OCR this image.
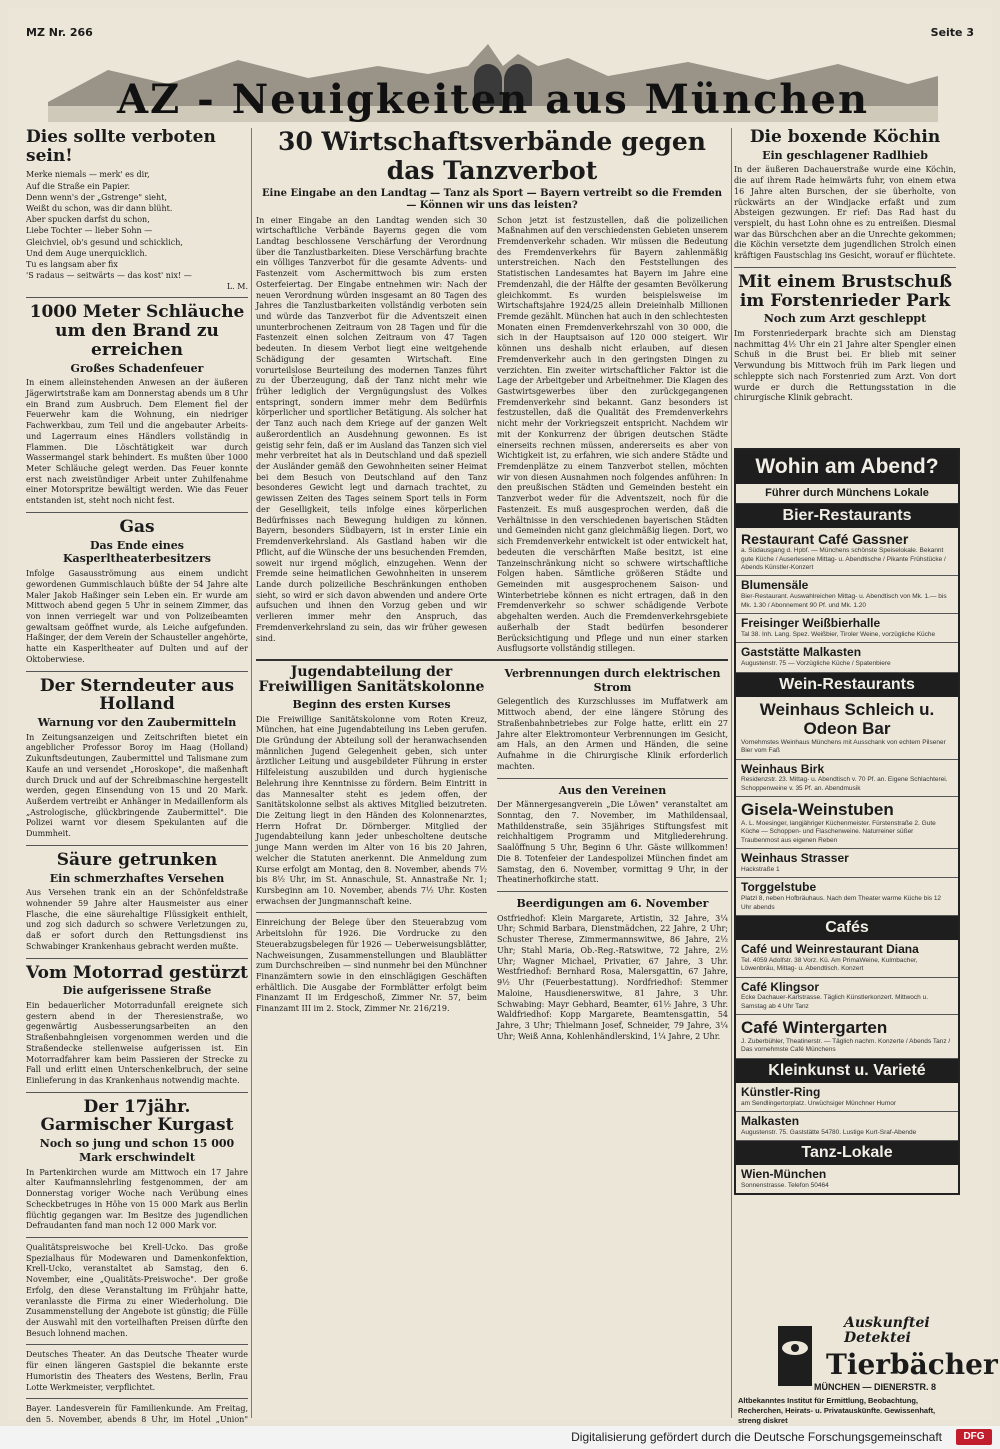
MZ Nr. 266	Seite 3
AZ - Neuigkeiten aus München
Dies sollte verboten sein!
Merke niemals — merk' es dir,
Auf die Straße ein Papier.
Denn wenn's der „Gstrenge" sieht,
Weißt du schon, was dir dann blüht.
Aber spucken darfst du schon,
Liebe Tochter — lieber Sohn —
Gleichviel, ob's gesund und schicklich,
Und dem Auge unerquicklich.
Tu es langsam aber fix
'S radaus — seitwärts — das kost' nix! —
L. M.
1000 Meter Schläuche um den Brand zu erreichen
Großes Schadenfeuer

In einem alleinstehenden Anwesen an der äußeren Jägerwirtstraße kam am Donnerstag abends um 8 Uhr ein Brand zum Ausbruch. Dem Element fiel der Feuerwehr kam die Wohnung, ein niedriger Fachwerkbau, zum Teil und die angebauter Arbeits- und Lagerraum eines Händlers vollständig in Flammen. Die Löschtätigkeit war durch Wassermangel stark behindert. Es mußten über 1000 Meter Schläuche gelegt werden. Das Feuer konnte erst nach zweistündiger Arbeit unter Zuhilfenahme einer Motorspritze bewältigt werden. Wie das Feuer entstanden ist, steht noch nicht fest.

Gas
Das Ende eines Kasperltheaterbesitzers

Infolge Gasausströmung aus einem undicht gewordenen Gummischlauch büßte der 54 Jahre alte Maler Jakob Haßinger sein Leben ein. Er wurde am Mittwoch abend gegen 5 Uhr in seinem Zimmer, das von innen verriegelt war und von Polizeibeamten gewaltsam geöffnet wurde, als Leiche aufgefunden. Haßinger, der dem Verein der Schausteller angehörte, hatte ein Kasperltheater auf Dulten und auf der Oktoberwiese.

Der Sterndeuter aus Holland
Warnung vor den Zaubermitteln

In Zeitungsanzeigen und Zeitschriften bietet ein angeblicher Professor Boroy im Haag (Holland) Zukunftsdeutungen, Zaubermittel und Talismane zum Kaufe an und versendet „Horoskope", die maßenhaft durch Druck und auf der Schreibmaschine hergestellt werden, gegen Einsendung von 15 und 20 Mark. Außerdem vertreibt er Anhänger in Medaillenform als „Astrologische, glückbringende Zaubermittel". Die Polizei warnt vor diesem Spekulanten auf die Dummheit.

Säure getrunken
Ein schmerzhaftes Versehen

Aus Versehen trank ein an der Schönfeldstraße wohnender 59 Jahre alter Hausmeister aus einer Flasche, die eine säurehaltige Flüssigkeit enthielt, und zog sich dadurch so schwere Verletzungen zu, daß er sofort durch den Rettungsdienst ins Schwabinger Krankenhaus gebracht werden mußte.

Vom Motorrad gestürzt
Die aufgerissene Straße

Ein bedauerlicher Motorradunfall ereignete sich gestern abend in der Theresienstraße, wo gegenwärtig Ausbesserungsarbeiten an den Straßenbahngleisen vorgenommen werden und die Straßendecke stellenweise aufgerissen ist. Ein Motorradfahrer kam beim Passieren der Strecke zu Fall und erlitt einen Unterschenkelbruch, der seine Einlieferung in das Krankenhaus notwendig machte.

Der 17jähr. Garmischer Kurgast
Noch so jung und schon 15 000 Mark erschwindelt

In Partenkirchen wurde am Mittwoch ein 17 Jahre alter Kaufmannslehrling festgenommen, der am Donnerstag voriger Woche nach Verübung eines Scheckbetruges in Höhe von 15 000 Mark aus Berlin flüchtig gegangen war. Im Besitze des jugendlichen Defraudanten fand man noch 12 000 Mark vor.

Qualitätspreiswoche bei Krell-Ucko. Das große Spezialhaus für Modewaren und Damenkonfektion, Krell-Ucko, veranstaltet ab Samstag, den 6. November, eine „Qualitäts-Preiswoche". Der große Erfolg, den diese Veranstaltung im Frühjahr hatte, veranlasste die Firma zu einer Wiederholung. Die Zusammenstellung der Angebote ist günstig; die Fülle der Auswahl mit den vorteilhaften Preisen dürfte den Besuch lohnend machen.

Deutsches Theater. An das Deutsche Theater wurde für einen längeren Gastspiel die bekannte erste Humoristin des Theaters des Westens, Berlin, Frau Lotte Werkmeister, verpflichtet.

Bayer. Landesverein für Familienkunde. Am Freitag, den 5. November, abends 8 Uhr, im Hotel „Union"

30 Wirtschaftsverbände gegen das Tanzverbot
Eine Eingabe an den Landtag — Tanz als Sport — Bayern vertreibt so die Fremden — Können wir uns das leisten?

In einer Eingabe an den Landtag wenden sich 30 wirtschaftliche Verbände Bayerns gegen die vom Landtag beschlossene Verschärfung der Verordnung über die Tanzlustbarkeiten. Diese Verschärfung brachte ein völliges Tanzverbot für die gesamte Advents- und Fastenzeit vom Aschermittwoch bis zum ersten Osterfeiertag. Der Eingabe entnehmen wir: Nach der neuen Verordnung würden insgesamt an 80 Tagen des Jahres die Tanzlustbarkeiten vollständig verboten sein und würde das Tanzverbot für die Adventszeit einen ununterbrochenen Zeitraum von 28 Tagen und für die Fastenzeit einen solchen Zeitraum von 47 Tagen bedeuten. In diesem Verbot liegt eine weitgehende Schädigung der gesamten Wirtschaft. Eine vorurteilslose Beurteilung des modernen Tanzes führt zu der Überzeugung, daß der Tanz nicht mehr wie früher lediglich der Vergnügungslust des Volkes entspringt, sondern immer mehr dem Bedürfnis körperlicher und sportlicher Betätigung. Als solcher hat der Tanz auch nach dem Kriege auf der ganzen Welt außerordentlich an Ausdehnung gewonnen. Es ist geistig sehr fein, daß er im Ausland das Tanzen sich viel mehr verbreitet hat als in Deutschland und daß speziell der Ausländer gemäß den Gewohnheiten seiner Heimat bei dem Besuch von Deutschland auf den Tanz besonderes Gewicht legt und darnach trachtet, zu gewissen Zeiten des Tages seinem Sport teils in Form der Geselligkeit, teils infolge eines körperlichen Bedürfnisses nach Bewegung huldigen zu können. Bayern, besonders Südbayern, ist in erster Linie ein Fremdenverkehrsland. Als Gastland haben wir die Pflicht, auf die Wünsche der uns besuchenden Fremden, soweit nur irgend möglich, einzugehen. Wenn der Fremde seine heimatlichen Gewohnheiten in unserem Lande durch polizeiliche Beschränkungen enthoben sieht, so wird er sich davon abwenden und andere Orte aufsuchen und ihnen den Vorzug geben und wir verlieren immer mehr den Anspruch, das Fremdenverkehrsland zu sein, das wir früher gewesen sind.

Schon jetzt ist festzustellen, daß die polizeilichen Maßnahmen auf den verschiedensten Gebieten unserem Fremdenverkehr schaden. Wir müssen die Bedeutung des Fremdenverkehrs für Bayern zahlenmäßig unterstreichen. Nach den Feststellungen des Statistischen Landesamtes hat Bayern im Jahre eine Fremdenzahl, die der Hälfte der gesamten Bevölkerung gleichkommt. Es wurden beispielsweise im Wirtschaftsjahre 1924/25 allein Dreieinhalb Millionen Fremde gezählt. München hat auch in den schlechtesten Monaten einen Fremdenverkehrszahl von 30 000, die sich in der Hauptsaison auf 120 000 steigert. Wir können uns deshalb nicht erlauben, auf diesen Fremdenverkehr auch in den geringsten Dingen zu verzichten. Ein zweiter wirtschaftlicher Faktor ist die Lage der Arbeitgeber und Arbeitnehmer. Die Klagen des Gastwirtsgewerbes über den zurückgegangenen Fremdenverkehr sind bekannt. Ganz besonders ist festzustellen, daß die Qualität des Fremdenverkehrs nicht mehr der Vorkriegszeit entspricht. Nachdem wir mit der Konkurrenz der übrigen deutschen Städte einerseits rechnen müssen, andererseits es aber von Wichtigkeit ist, zu erfahren, wie sich andere Städte und Fremdenplätze zu einem Tanzverbot stellen, möchten wir von diesen Ausnahmen noch folgendes anführen: In den preußischen Städten und Gemeinden besteht ein Tanzverbot weder für die Adventszeit, noch für die Fastenzeit. Es muß ausgesprochen werden, daß die Verhältnisse in den verschiedenen bayerischen Städten und Gemeinden nicht ganz gleichmäßig liegen. Dort, wo sich Fremdenverkehr entwickelt ist oder entwickelt hat, bedeuten die verschärften Maße besitzt, ist eine Tanzeinschränkung nicht so schwere wirtschaftliche Folgen haben. Sämtliche größeren Städte und Gemeinden mit ausgesprochenem Saison- und Winterbetriebe können es nicht ertragen, daß in den Fremdenverkehr so schwer schädigende Verbote abgehalten werden. Auch die Fremdenverkehrsgebiete außerhalb der Stadt bedürfen besonderer Berücksichtigung und Pflege und nun einer starken Ausflugsorte vollständig stillegen.

Jugendabteilung der Freiwilligen Sanitätskolonne
Beginn des ersten Kurses

Die Freiwillige Sanitätskolonne vom Roten Kreuz, München, hat eine Jugendabteilung ins Leben gerufen. Die Gründung der Abteilung soll der heranwachsenden männlichen Jugend Gelegenheit geben, sich unter ärztlicher Leitung und ausgebildeter Führung in erster Hilfeleistung auszubilden und durch hygienische Belehrung ihre Kenntnisse zu fördern. Beim Eintritt in das Mannesalter steht es jedem offen, der Sanitätskolonne selbst als aktives Mitglied beizutreten. Die Zeitung liegt in den Händen des Kolonnenarztes, Herrn Hofrat Dr. Dörnberger. Mitglied der Jugendabteilung kann jeder unbescholtene deutsche junge Mann werden im Alter von 16 bis 20 Jahren, welcher die Statuten anerkennt. Die Anmeldung zum Kurse erfolgt am Montag, den 8. November, abends 7½ bis 8½ Uhr, im St. Annaschule, St. Annastraße Nr. 1; Kursbeginn am 10. November, abends 7½ Uhr. Kosten erwachsen der Jungmannschaft keine.

Einreichung der Belege über den Steuerabzug vom Arbeitslohn für 1926. Die Vordrucke zu den Steuerabzugsbelegen für 1926 — Ueberweisungsblätter, Nachweisungen, Zusammenstellungen und Blaublätter zum Durchschreiben — sind nunmehr bei den Münchner Finanzämtern sowie in den einschlägigen Geschäften erhältlich. Die Ausgabe der Formblätter erfolgt beim Finanzamt II im Erdgeschoß, Zimmer Nr. 57, beim Finanzamt III im 2. Stock, Zimmer Nr. 216/219.

Verbrennungen durch elektrischen Strom

Gelegentlich des Kurzschlusses im Muffatwerk am Mittwoch abend, der eine längere Störung des Straßenbahnbetriebes zur Folge hatte, erlitt ein 27 Jahre alter Elektromonteur Verbrennungen im Gesicht, am Hals, an den Armen und Händen, die seine Aufnahme in die Chirurgische Klinik erforderlich machten.

Aus den Vereinen

Der Männergesangverein „Die Löwen" veranstaltet am Sonntag, den 7. November, im Mathildensaal, Mathildenstraße, sein 35jähriges Stiftungsfest mit reichhaltigem Programm und Mitgliederehrung. Saalöffnung 5 Uhr, Beginn 6 Uhr. Gäste willkommen! Die 8. Totenfeier der Landespolizei München findet am Samstag, den 6. November, vormittag 9 Uhr, in der Theatinerhofkirche statt.

Beerdigungen am 6. November

Ostfriedhof: Klein Margarete, Artistin, 32 Jahre, 3¼ Uhr; Schmid Barbara, Dienstmädchen, 22 Jahre, 2 Uhr; Schuster Therese, Zimmermannswitwe, 86 Jahre, 2½ Uhr; Stahl Maria, Ob.-Reg.-Ratswitwe, 72 Jahre, 2½ Uhr; Wagner Michael, Privatier, 67 Jahre, 3 Uhr. Westfriedhof: Bernhard Rosa, Malersgattin, 67 Jahre, 9½ Uhr (Feuerbestattung). Nordfriedhof: Stemmer Maloine, Hausdienerswitwe, 81 Jahre, 3 Uhr. Schwabing: Mayr Gebhard, Beamter, 61½ Jahre, 3 Uhr. Waldfriedhof: Kopp Margarete, Beamtensgattin, 54 Jahre, 3 Uhr; Thielmann Josef, Schneider, 79 Jahre, 3¼ Uhr; Weiß Anna, Kohlenhändlerskind, 1¼ Jahre, 2 Uhr.

Die boxende Köchin
Ein geschlagener Radlhieb

In der äußeren Dachauerstraße wurde eine Köchin, die auf ihrem Rade heimwärts fuhr, von einem etwa 16 Jahre alten Burschen, der sie überholte, von rückwärts an der Windjacke erfaßt und zum Absteigen gezwungen. Er rief: Das Rad hast du verspielt, du hast Lohn ohne es zu entreißen. Diesmal war das Bürschchen aber an die Unrechte gekommen; die Köchin versetzte dem jugendlichen Strolch einen kräftigen Faustschlag ins Gesicht, worauf er flüchtete.

Mit einem Brustschuß im Forstenrieder Park
Noch zum Arzt geschleppt

Im Forstenriederpark brachte sich am Dienstag nachmittag 4½ Uhr ein 21 Jahre alter Spengler einen Schuß in die Brust bei. Er blieb mit seiner Verwundung bis Mittwoch früh im Park liegen und schleppte sich nach Forstenried zum Arzt. Von dort wurde er durch die Rettungsstation in die chirurgische Klinik gebracht.

Wohin am Abend?
Führer durch Münchens Lokale
Bier-Restaurants
Restaurant Café Gassner
a. Südausgang d. Hpbf. — Münchens schönste Speiselokale. Bekannt gute Küche / Auserlesene Mittag- u. Abendtische / Pikante Frühstücke / Abends Künstler-Konzert
Blumensäle
Bier-Restaurant. Auswahlreichen Mittag- u. Abendtisch von Mk. 1.— bis Mk. 1.30 / Abonnement 90 Pf. und Mk. 1.20
Freisinger Weißbierhalle
Tal 38. Inh. Lang. Spez. Weißbier, Tiroler Weine, vorzügliche Küche
Gaststätte Malkasten
Augustenstr. 75 — Vorzügliche Küche / Spatenbiere
Wein-Restaurants
Weinhaus Schleich u. Odeon Bar
Vornehmstes Weinhaus Münchens mit Ausschank von echtem Pilsener Bier vom Faß
Weinhaus Birk
Residenzstr. 23. Mittag- u. Abendtisch v. 70 Pf. an. Eigene Schlachterei. Schoppenweine v. 35 Pf. an. Abendmusik
Gisela-Weinstuben
A. L. Moesinger, langjähriger Küchenmeister. Fürstenstraße 2. Gute Küche — Schoppen- und Flaschenweine. Naturreiner süßer Traubenmost aus eigenen Reben
Weinhaus Strasser
Hackstraße 1
Torggelstube
Platzl 8, neben Hofbräuhaus. Nach dem Theater warme Küche bis 12 Uhr abends
Cafés
Café und Weinrestaurant Diana
Tel. 4059 Adolfstr. 38 Vorz. Kü. Am PrimaWeine, Kulmbacher, Löwenbräu, Mittag- u. Abendtisch. Konzert
Café Klingsor
Ecke Dachauer-Karlstrasse. Täglich Künstlerkonzert. Mittwoch u. Samstag ab 4 Uhr Tanz
Café Wintergarten
J. Zuberbühler, Theatinerstr. — Täglich nachm. Konzerte / Abends Tanz / Das vornehmste Café Münchens
Kleinkunst u. Varieté
Künstler-Ring
am Sendlingertorplatz. Urwüchsiger Münchner Humor
Malkasten
Augustenstr. 75. Gaststätte 54780. Lustige Kurt-Sraf-Abende
Tanz-Lokale
Wien-München
Sonnenstrasse. Telefon 50464
Auskunftei Detektei
Tierbächer
MÜNCHEN — DIENERSTR. 8
Altbekanntes Institut für Ermittlung, Beobachtung, Recherchen, Heirats- u. Privatauskünfte. Gewissenhaft, streng diskret
Digitalisierung gefördert durch die Deutsche Forschungsgemeinschaft	DFG
